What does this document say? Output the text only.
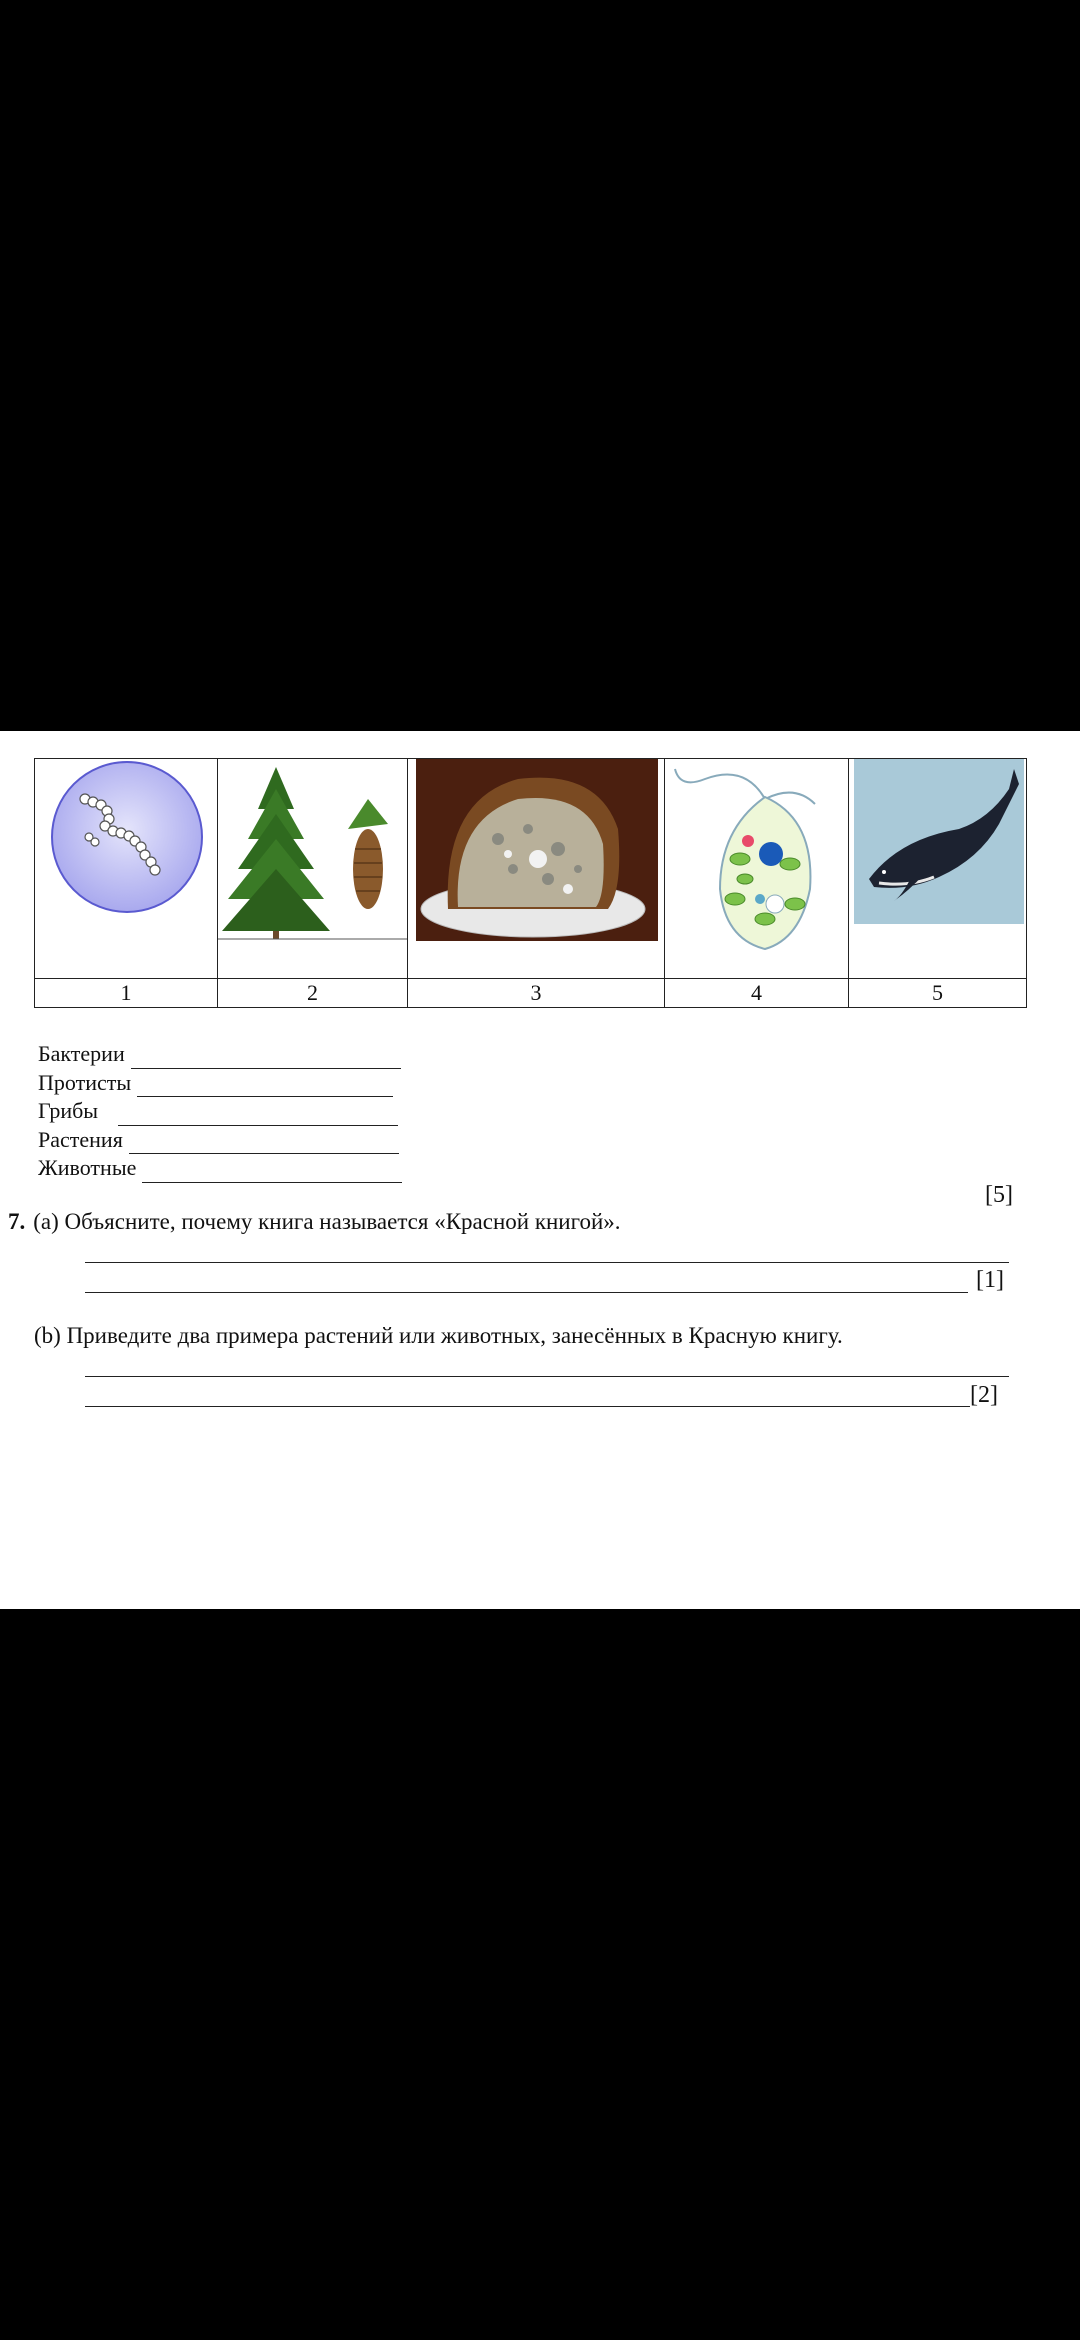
1	2	3	4	5
Бактерии
Протисты
Грибы
Растения
Животные
[5]
7. (a) Объясните, почему книга называется «Красной книгой».
[1]
(b) Приведите два примера растений или животных, занесённых в Красную книгу.
[2]
